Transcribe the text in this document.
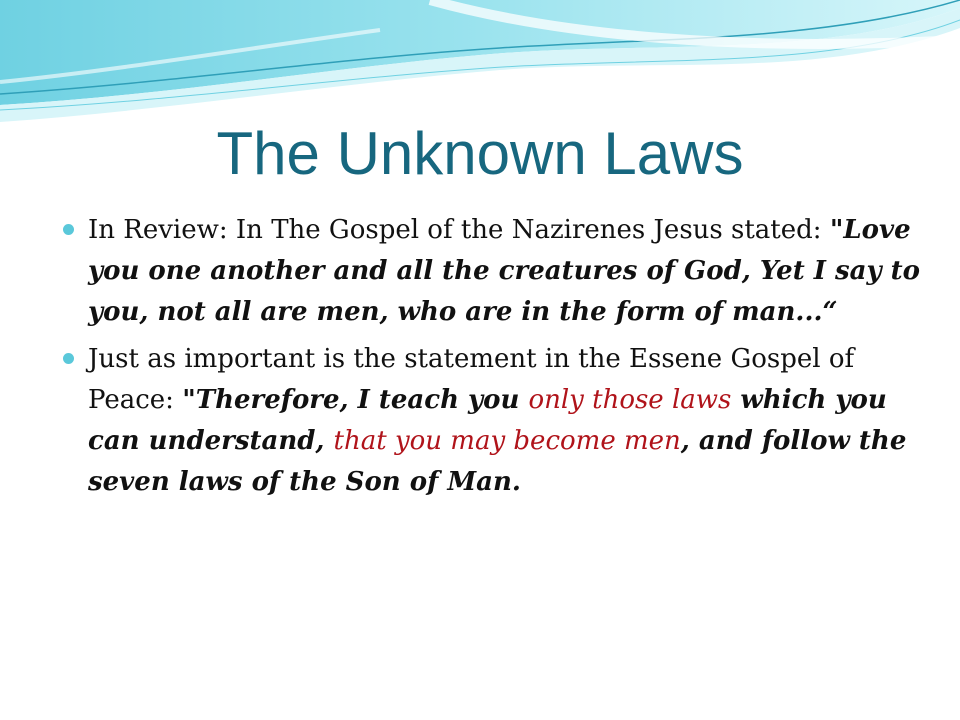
The Unknown Laws
In Review: In The Gospel of the Nazirenes Jesus stated: "Love you one another and all the creatures of God, Yet I say to you, not all are men, who are in the form of man...“
Just as important is the statement in the Essene Gospel of Peace: "Therefore, I teach you only those laws which you can understand, that you may become men, and follow the seven laws of the Son of Man.
